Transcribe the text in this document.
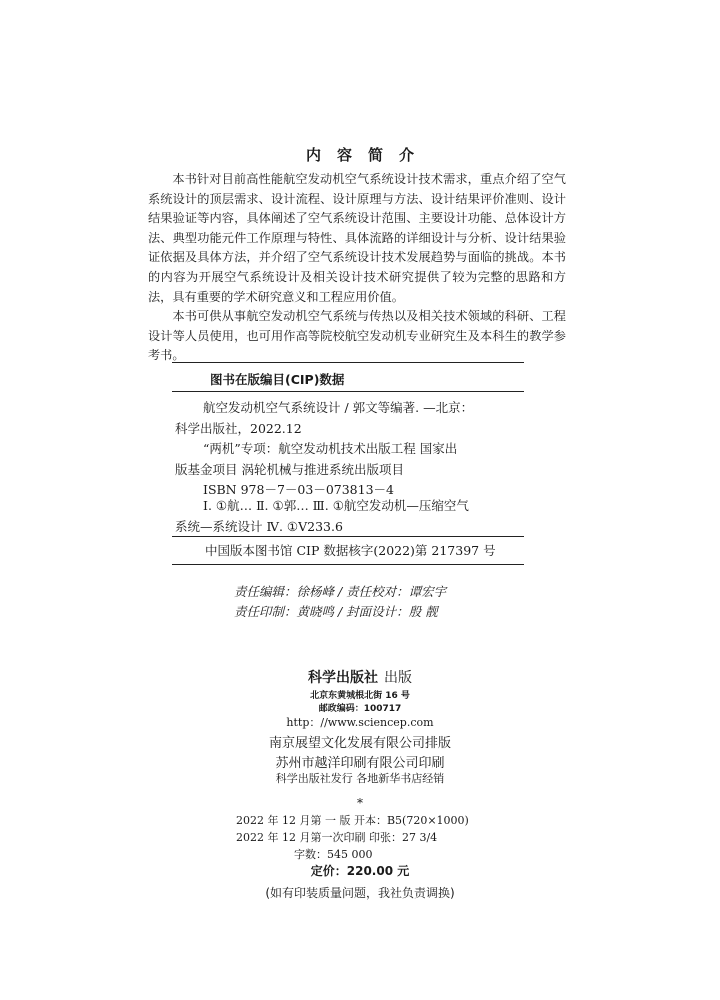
内容简介

本书针对目前高性能航空发动机空气系统设计技术需求，重点介绍了空气系统设计的顶层需求、设计流程、设计原理与方法、设计结果评价准则、设计结果验证等内容，具体阐述了空气系统设计范围、主要设计功能、总体设计方法、典型功能元件工作原理与特性、具体流路的详细设计与分析、设计结果验证依据及具体方法，并介绍了空气系统设计技术发展趋势与面临的挑战。本书的内容为开展空气系统设计及相关设计技术研究提供了较为完整的思路和方法，具有重要的学术研究意义和工程应用价值。

本书可供从事航空发动机空气系统与传热以及相关技术领域的科研、工程设计等人员使用，也可用作高等院校航空发动机专业研究生及本科生的教学参考书。

图书在版编目(CIP)数据
航空发动机空气系统设计 / 郭文等编著. —北京：
科学出版社，2022.12
“两机”专项：航空发动机技术出版工程 国家出
版基金项目 涡轮机械与推进系统出版项目
ISBN 978－7－03－073813－4
Ⅰ. ①航… Ⅱ. ①郭… Ⅲ. ①航空发动机—压缩空气
系统—系统设计 Ⅳ. ①V233.6
中国版本图书馆 CIP 数据核字(2022)第 217397 号
责任编辑：徐杨峰 / 责任校对：谭宏宇
责任印制：黄晓鸣 / 封面设计：殷 靓
科学出版社 出版
北京东黄城根北街 16 号
邮政编码：100717
http：//www.sciencep.com
南京展望文化发展有限公司排版
苏州市越洋印刷有限公司印刷
科学出版社发行 各地新华书店经销
*
2022 年 12 月第 一 版 开本：B5(720×1000)
2022 年 12 月第一次印刷 印张：27 3/4
字数：545 000
定价：220.00 元
(如有印装质量问题，我社负责调换)
